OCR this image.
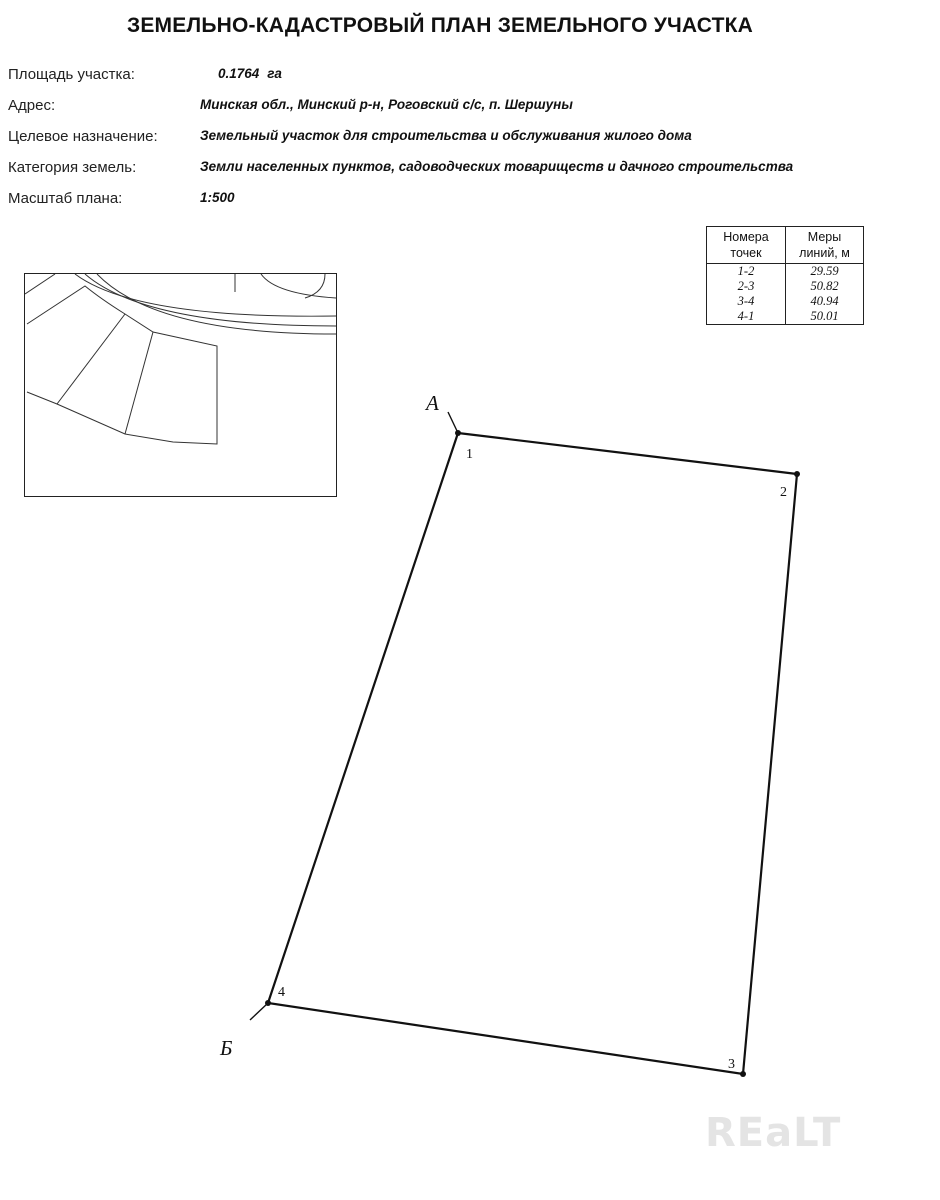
ЗЕМЕЛЬНО-КАДАСТРОВЫЙ ПЛАН ЗЕМЕЛЬНОГО УЧАСТКА
Площадь участка:	0.1764 га
Адрес:	Минская обл., Минский р-н, Роговский с/с, п. Шершуны
Целевое назначение:	Земельный участок для строительства и обслуживания жилого дома
Категория земель:	Земли населенных пунктов, садоводческих товариществ и дачного строительства
Масштаб плана:	1:500
Номера точек	Меры линий, м
1-2	29.59
2-3	50.82
3-4	40.94
4-1	50.01
1
2
3
4
А
Б
REaLT
